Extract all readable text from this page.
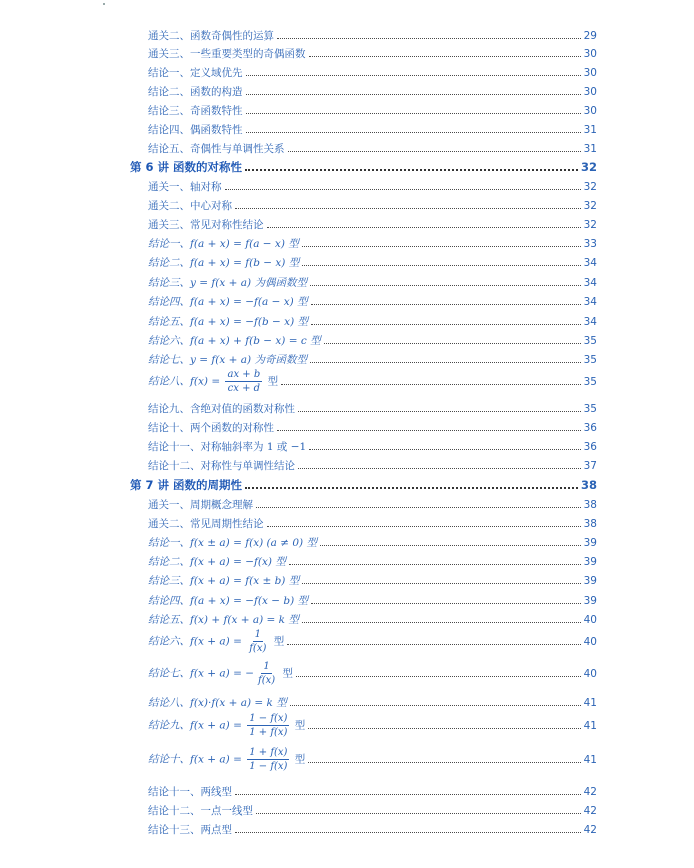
通关二、函数奇偶性的运算	29
通关三、一些重要类型的奇偶函数	30
结论一、定义域优先	30
结论二、函数的构造	30
结论三、奇函数特性	30
结论四、偶函数特性	31
结论五、奇偶性与单调性关系	31
第 6 讲 函数的对称性	32
通关一、轴对称	32
通关二、中心对称	32
通关三、常见对称性结论	32
结论一、f(a + x) = f(a − x) 型	33
结论二、f(a + x) = f(b − x) 型	34
结论三、y = f(x + a) 为偶函数型	34
结论四、f(a + x) = −f(a − x) 型	34
结论五、f(a + x) = −f(b − x) 型	34
结论六、f(a + x) + f(b − x) = c 型	35
结论七、y = f(x + a) 为奇函数型	35
结论八、$f(x) = \frac{ax + b}{cx + d}$ 型	35
结论九、含绝对值的函数对称性	35
结论十、两个函数的对称性	36
结论十一、对称轴斜率为 1 或 −1	36
结论十二、对称性与单调性结论	37
第 7 讲 函数的周期性	38
通关一、周期概念理解	38
通关二、常见周期性结论	38
结论一、f(x ± a) = f(x) (a ≠ 0) 型	39
结论二、f(x + a) = −f(x) 型	39
结论三、f(x + a) = f(x ± b) 型	39
结论四、f(a + x) = −f(x − b) 型	39
结论五、f(x) + f(x + a) = k 型	40
结论六、$f(x + a) = \frac{1}{f(x)}$ 型	40
结论七、f(x + a) = − $\frac{1}{f(x)}$ 型	40
结论八、f(x)·f(x + a) = k 型	41
结论九、$f(x + a) = \frac{1 - f(x)}{1 + f(x)}$ 型	41
结论十、$f(x + a) = \frac{1 + f(x)}{1 - f(x)}$ 型	41
结论十一、两线型	42
结论十二、一点一线型	42
结论十三、两点型	42
